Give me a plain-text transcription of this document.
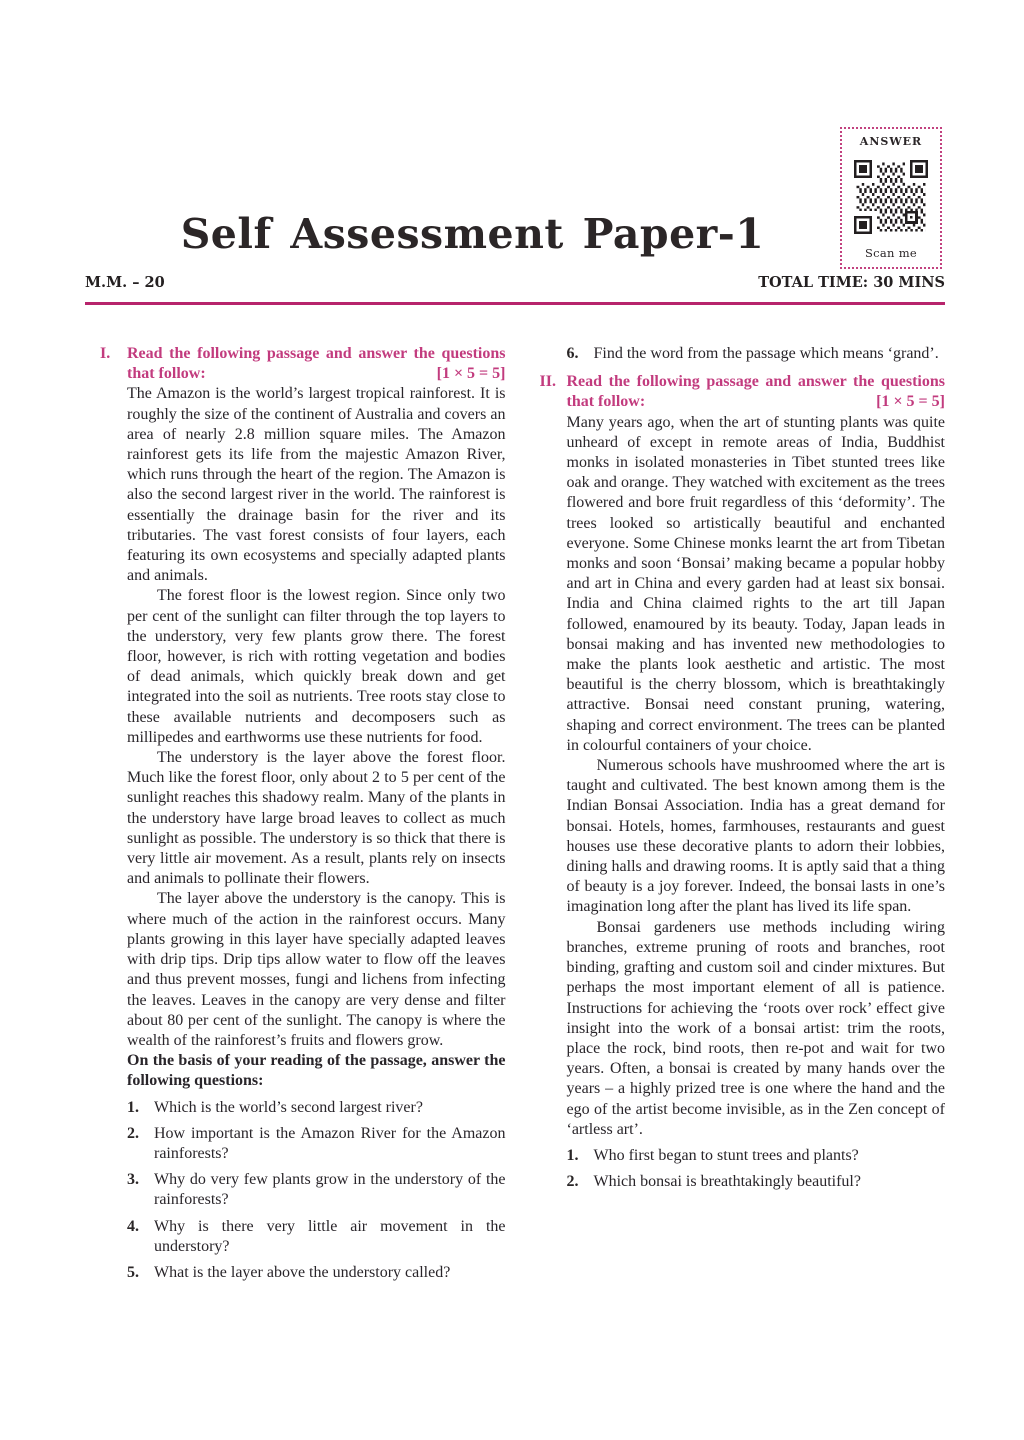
ANSWER
Scan me
Self Assessment Paper-1
M.M. – 20	TOTAL TIME: 30 MINS
I.	Read the following passage and answer the questions that follow:	[1 × 5 = 5]

The Amazon is the world’s largest tropical rainforest. It is roughly the size of the continent of Australia and covers an area of nearly 2.8 million square miles. The Amazon rainforest gets its life from the majestic Amazon River, which runs through the heart of the region. The Amazon is also the second largest river in the world. The rainforest is essentially the drainage basin for the river and its tributaries. The vast forest consists of four layers, each featuring its own ecosystems and specially adapted plants and animals.

The forest floor is the lowest region. Since only two per cent of the sunlight can filter through the top layers to the understory, very few plants grow there. The forest floor, however, is rich with rotting vegetation and bodies of dead animals, which quickly break down and get integrated into the soil as nutrients. Tree roots stay close to these available nutrients and decomposers such as millipedes and earthworms use these nutrients for food.

The understory is the layer above the forest floor. Much like the forest floor, only about 2 to 5 per cent of the sunlight reaches this shadowy realm. Many of the plants in the understory have large broad leaves to collect as much sunlight as possible. The understory is so thick that there is very little air movement. As a result, plants rely on insects and animals to pollinate their flowers.

The layer above the understory is the canopy. This is where much of the action in the rainforest occurs. Many plants growing in this layer have specially adapted leaves with drip tips. Drip tips allow water to flow off the leaves and thus prevent mosses, fungi and lichens from infecting the leaves. Leaves in the canopy are very dense and filter about 80 per cent of the sunlight. The canopy is where the wealth of the rainforest’s fruits and flowers grow.

On the basis of your reading of the passage, answer the following questions:

1. Which is the world’s second largest river?
2. How important is the Amazon River for the Amazon rainforests?
3. Why do very few plants grow in the understory of the rainforests?
4. Why is there very little air movement in the understory?
5. What is the layer above the understory called?
6. Find the word from the passage which means ‘grand’.
II. Read the following passage and answer the questions that follow:	[1 × 5 = 5]

Many years ago, when the art of stunting plants was quite unheard of except in remote areas of India, Buddhist monks in isolated monasteries in Tibet stunted trees like oak and orange. They watched with excitement as the trees flowered and bore fruit regardless of this ‘deformity’. The trees looked so artistically beautiful and enchanted everyone. Some Chinese monks learnt the art from Tibetan monks and soon ‘Bonsai’ making became a popular hobby and art in China and every garden had at least six bonsai. India and China claimed rights to the art till Japan followed, enamoured by its beauty. Today, Japan leads in bonsai making and has invented new methodologies to make the plants look aesthetic and artistic. The most beautiful is the cherry blossom, which is breathtakingly attractive. Bonsai need constant pruning, watering, shaping and correct environment. The trees can be planted in colourful containers of your choice.

Numerous schools have mushroomed where the art is taught and cultivated. The best known among them is the Indian Bonsai Association. India has a great demand for bonsai. Hotels, homes, farmhouses, restaurants and guest houses use these decorative plants to adorn their lobbies, dining halls and drawing rooms. It is aptly said that a thing of beauty is a joy forever. Indeed, the bonsai lasts in one’s imagination long after the plant has lived its life span.

Bonsai gardeners use methods including wiring branches, extreme pruning of roots and branches, root binding, grafting and custom soil and cinder mixtures. But perhaps the most important element of all is patience. Instructions for achieving the ‘roots over rock’ effect give insight into the work of a bonsai artist: trim the roots, place the rock, bind roots, then re-pot and wait for two years. Often, a bonsai is created by many hands over the years – a highly prized tree is one where the hand and the ego of the artist become invisible, as in the Zen concept of ‘artless art’.

1. Who first began to stunt trees and plants?
2. Which bonsai is breathtakingly beautiful?
